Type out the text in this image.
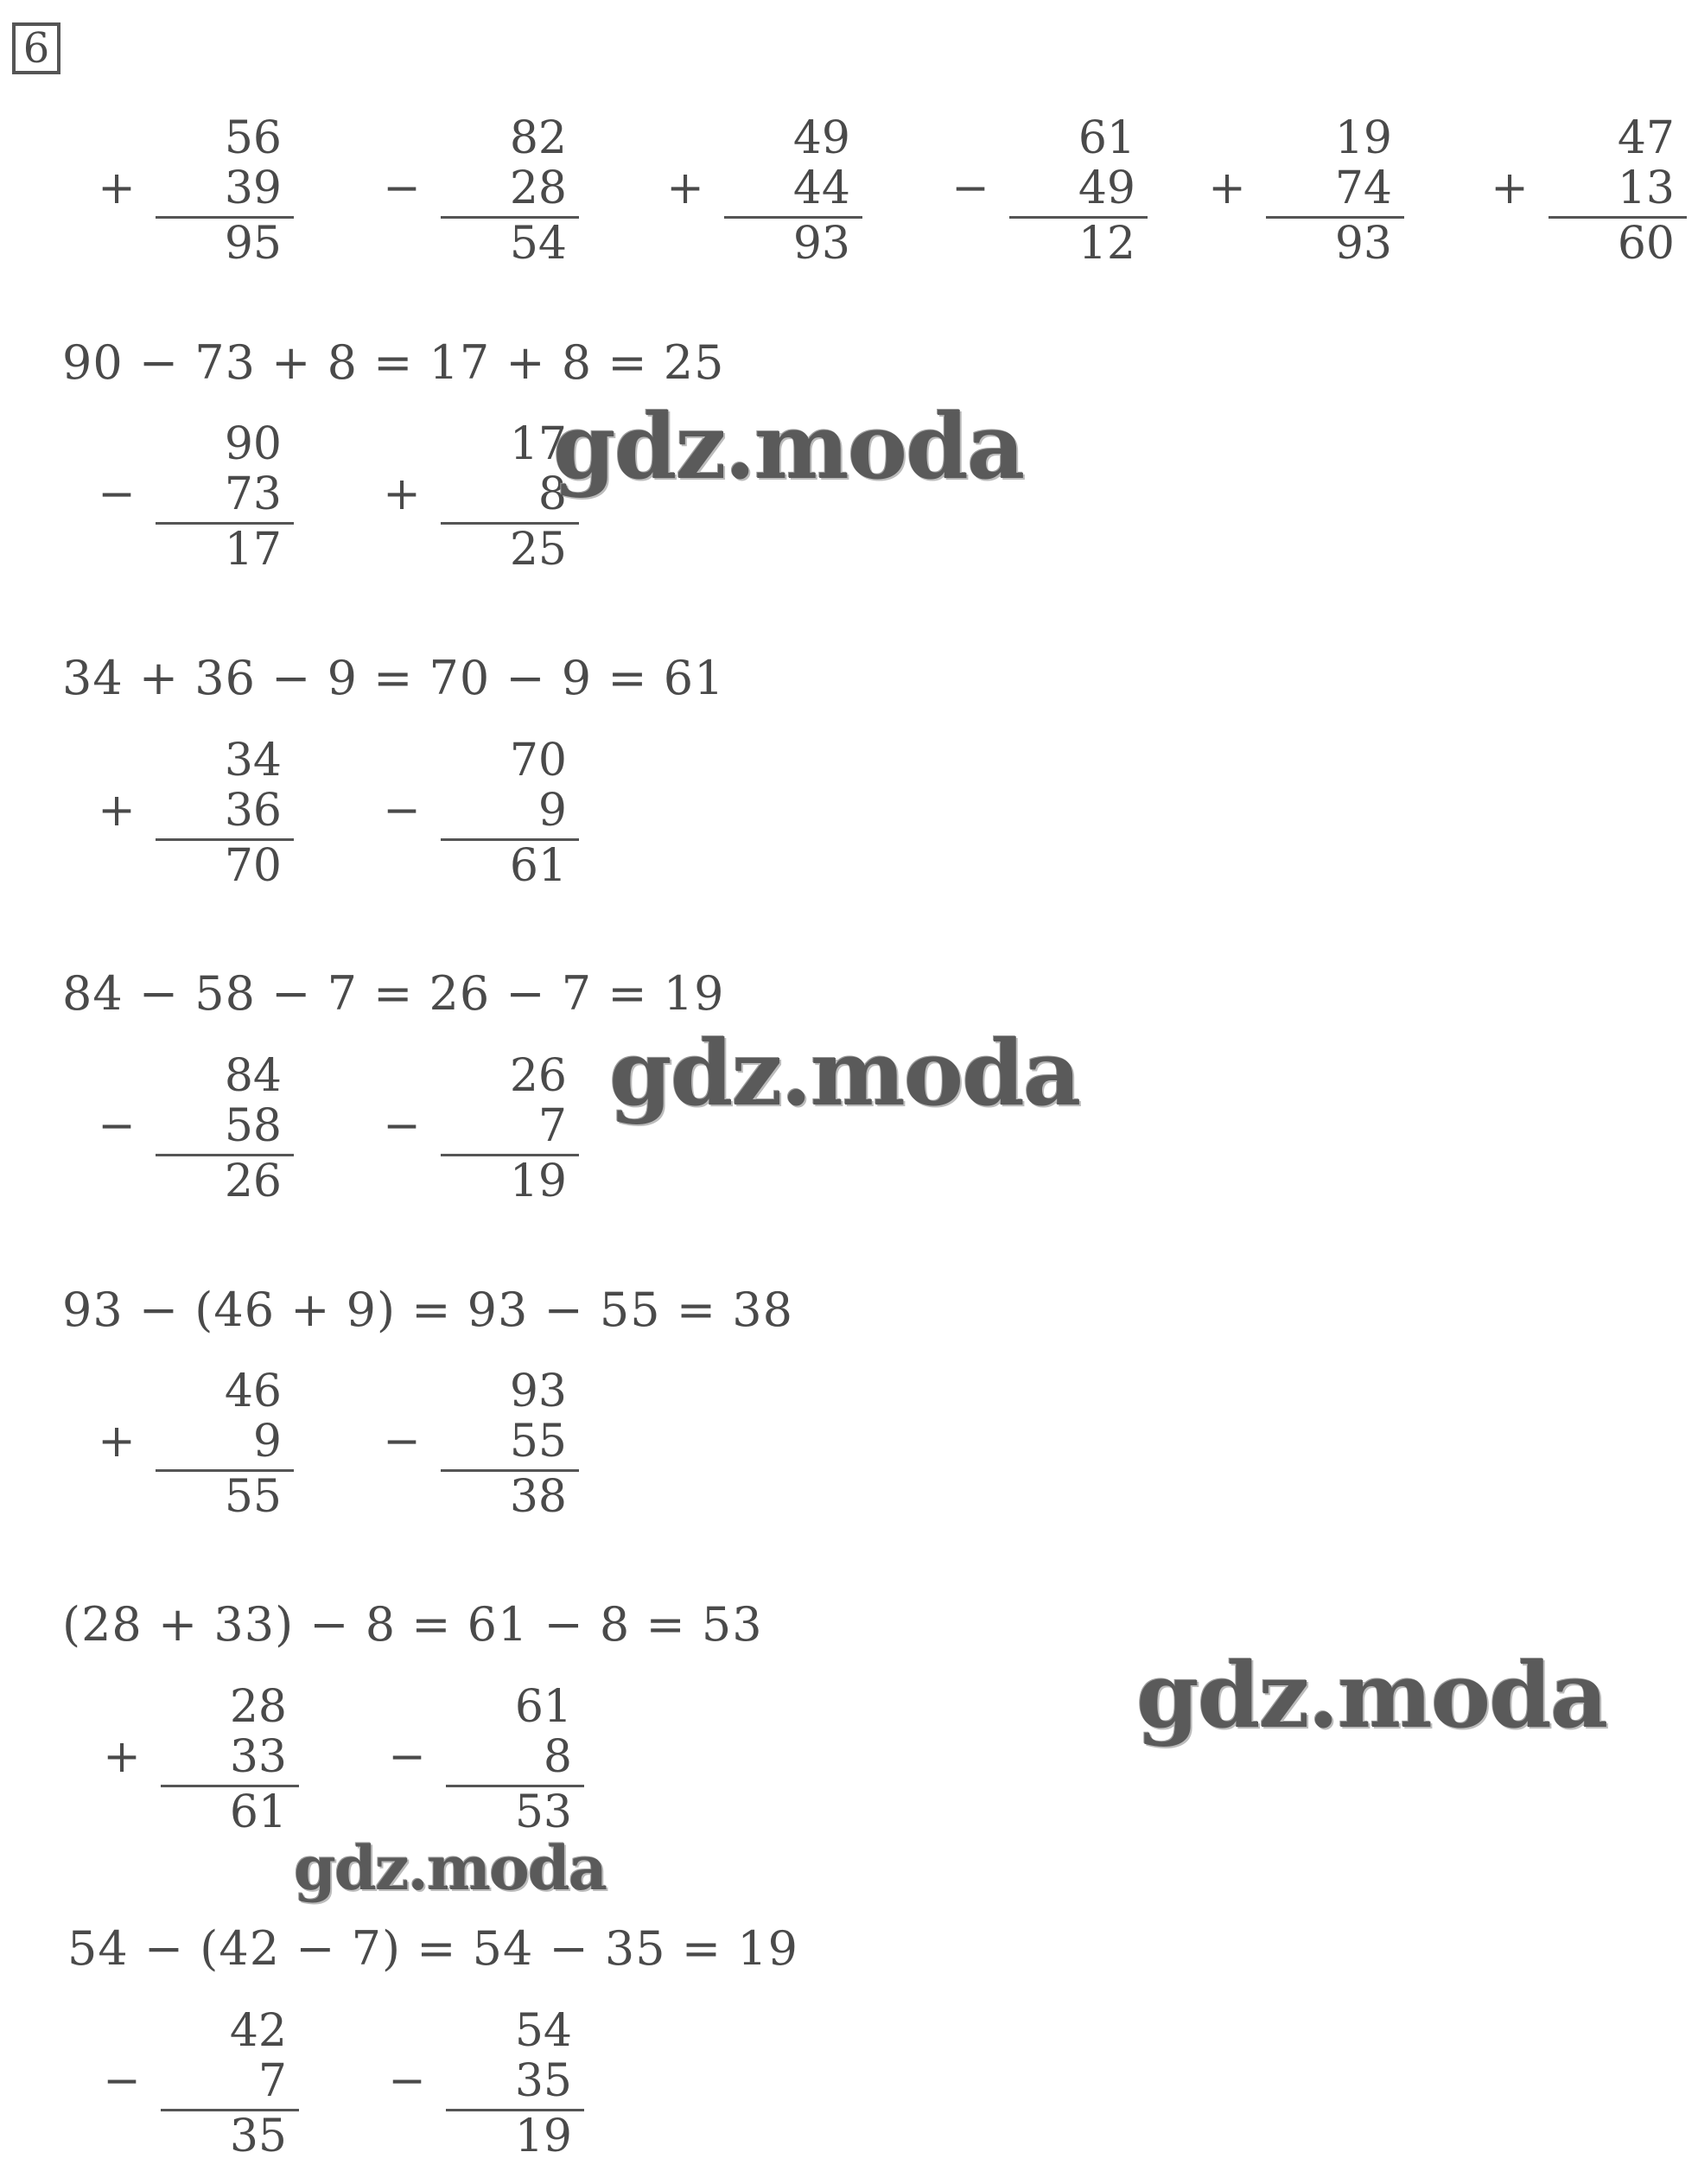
6
+
56
39
95
−
82
28
54
+
49
44
93
−
61
49
12
+
19
74
93
+
47
13
60
90 − 73 + 8 = 17 + 8 = 25
−
90
73
17
+
17
8
25
34 + 36 − 9 = 70 − 9 = 61
+
34
36
70
−
70
9
61
84 − 58 − 7 = 26 − 7 = 19
−
84
58
26
−
26
7
19
93 − (46 + 9) = 93 − 55 = 38
+
46
9
55
−
93
55
38
(28 + 33) − 8 = 61 − 8 = 53
+
28
33
61
−
61
8
53
54 − (42 − 7) = 54 − 35 = 19
−
42
7
35
−
54
35
19
gdz.moda
gdz.moda
gdz.moda
gdz.moda
